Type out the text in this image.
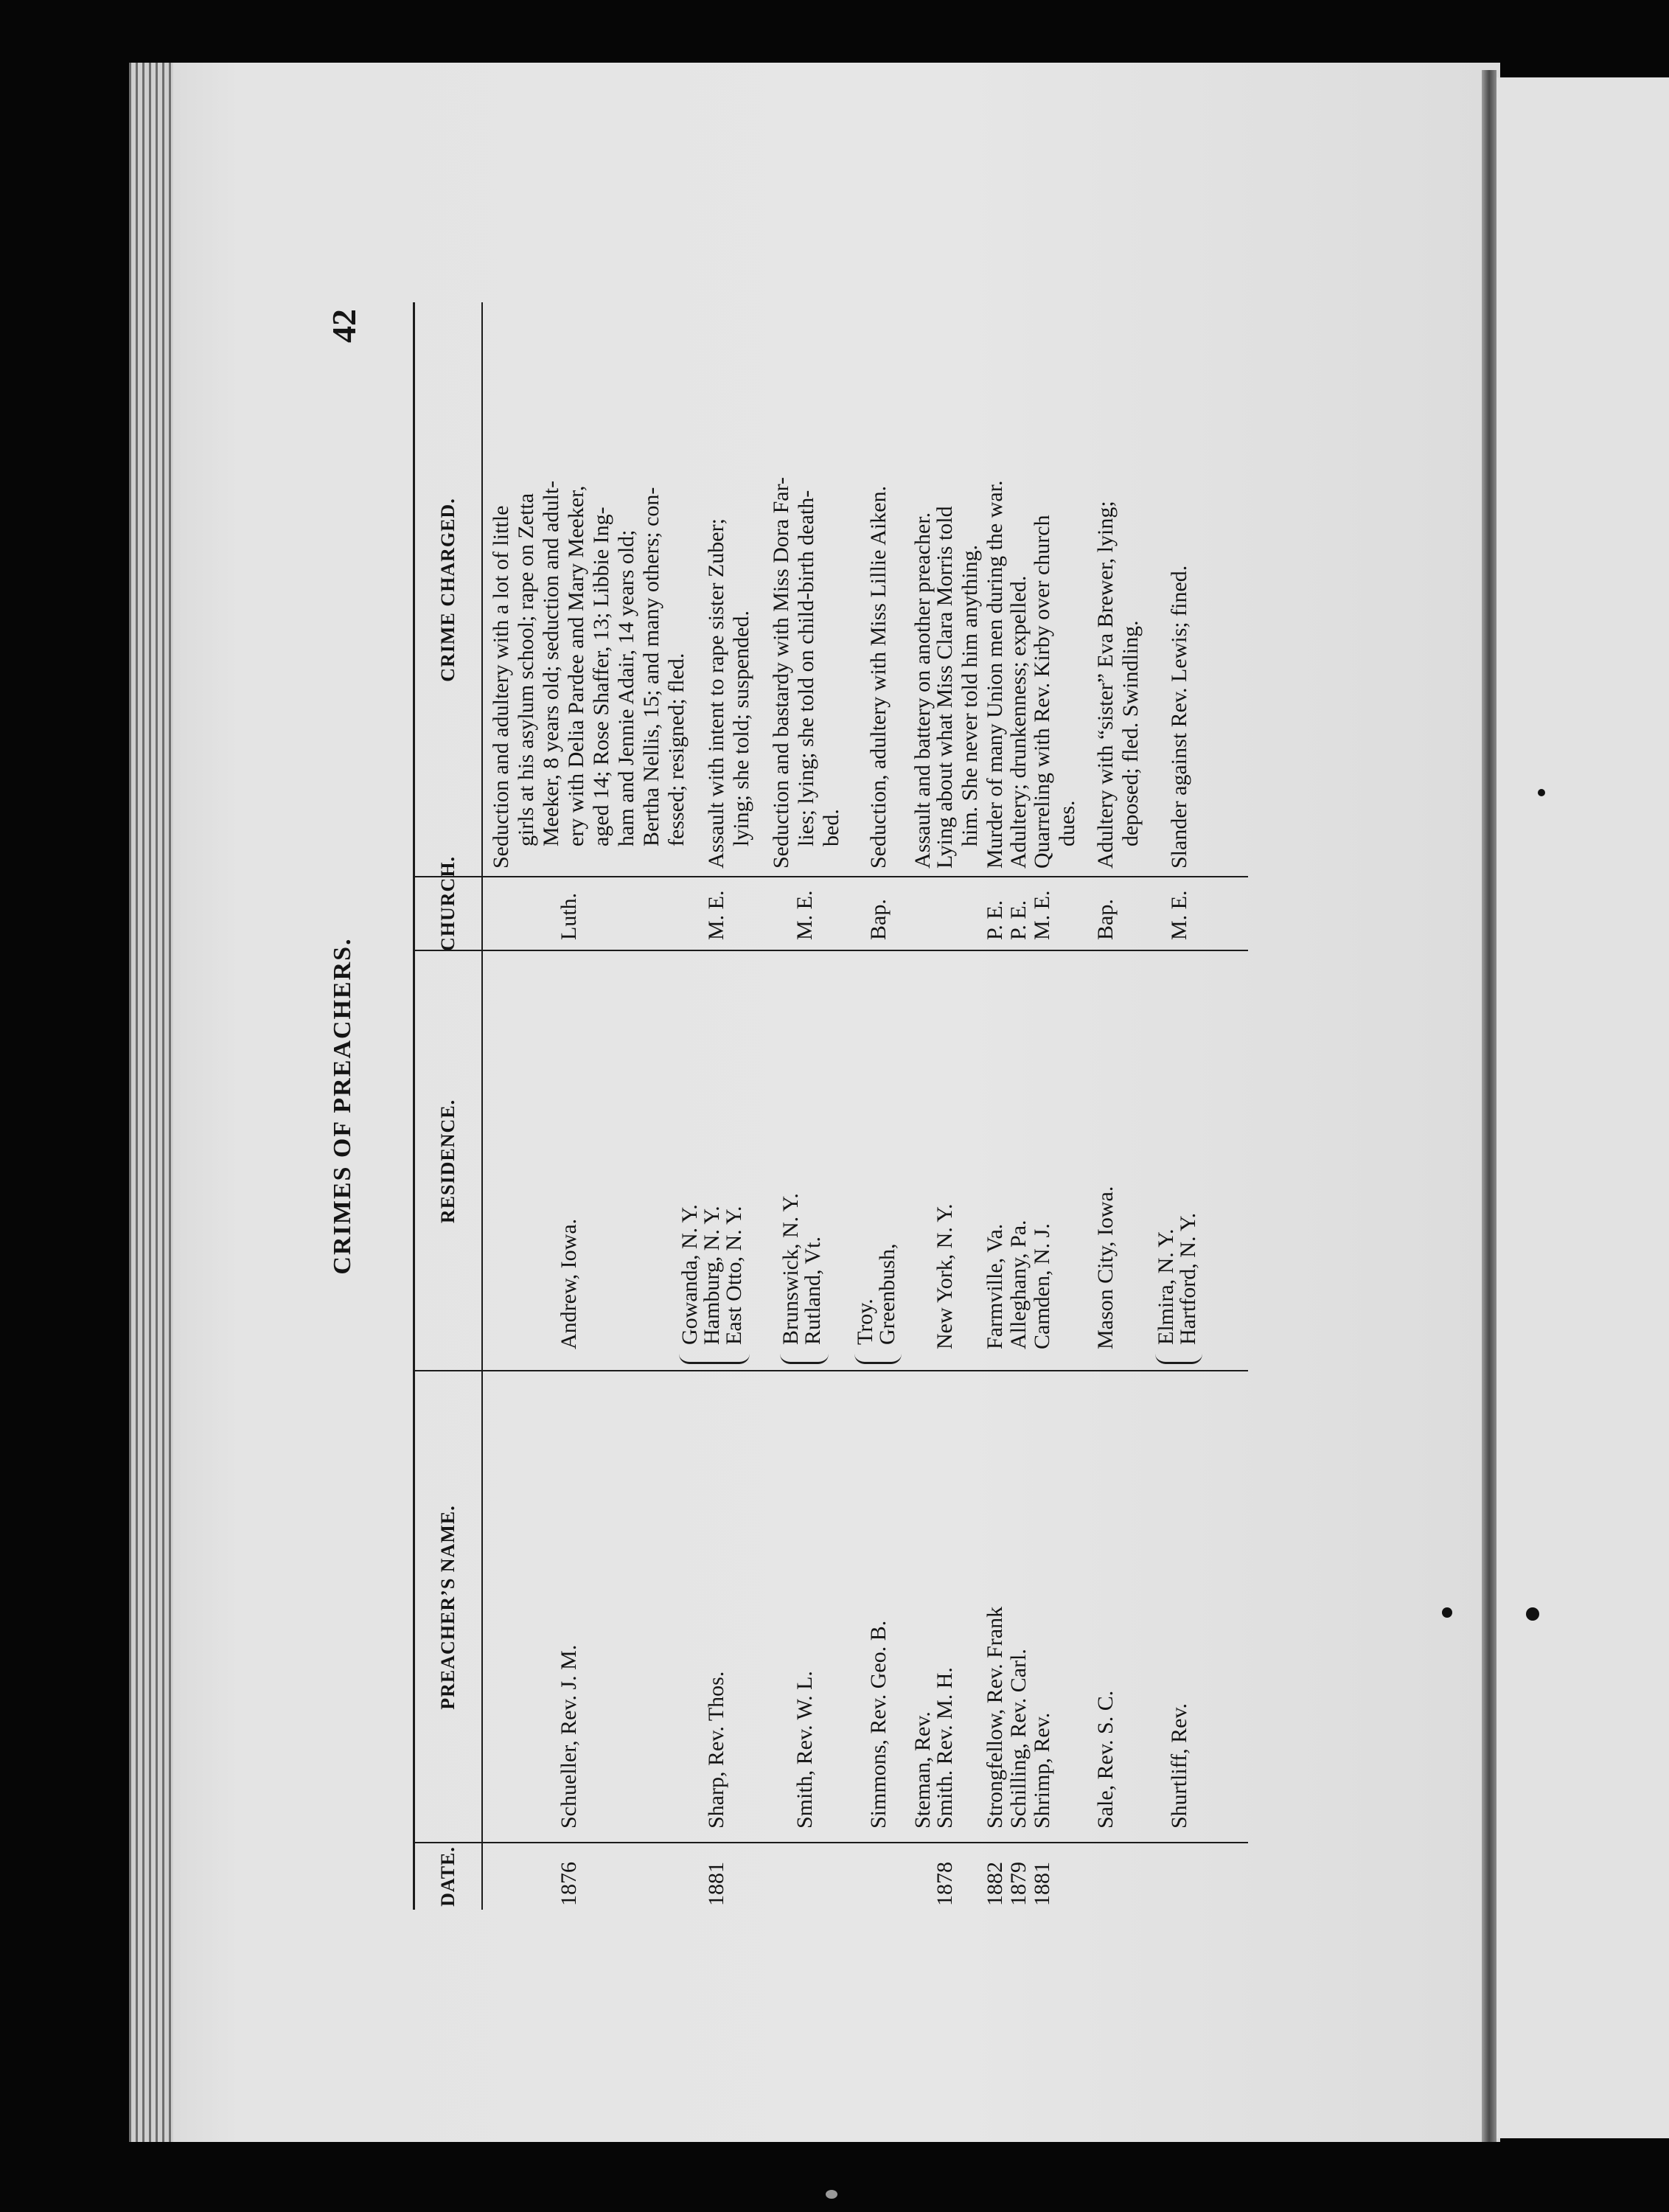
42
CRIMES OF PREACHERS.
DATE.
PREACHER’S NAME.
RESIDENCE.
CHURCH.
CRIME CHARGED.
1876
Schueller, Rev. J. M.
Andrew, Iowa.
Luth.
Seduction and adultery with a lot of little girls at his asylum school; rape on Zetta Meeker, 8 years old; seduction and adult- ery with Delia Pardee and Mary Meeker, aged 14; Rose Shaffer, 13; Libbie Ing- ham and Jennie Adair, 14 years old; Bertha Nellis, 15; and many others; con- fessed; resigned; fled.
1881
Sharp, Rev. Thos.
Gowanda, N. Y.
Hamburg, N. Y.
East Otto, N. Y.
M. E.
Assault with intent to rape sister Zuber; lying; she told; suspended.
Smith, Rev. W. L.
Brunswick, N. Y.
Rutland, Vt.
M. E.
Seduction and bastardy with Miss Dora Far- lies; lying; she told on child-birth death- bed.
Simmons, Rev. Geo. B.
Troy.
Greenbush,
Bap.
Seduction, adultery with Miss Lillie Aiken.
Steman, Rev.
Assault and battery on another preacher.
1878
Smith. Rev. M. H.
New York, N. Y.
Lying about what Miss Clara Morris told him. She never told him anything.
1882
Strongfellow, Rev. Frank
Farmville, Va.
P. E.
Murder of many Union men during the war.
1879
Schilling, Rev. Carl.
Alleghany, Pa.
P. E.
Adultery; drunkenness; expelled.
1881
Shrimp, Rev.
Camden, N. J.
M. E.
Quarreling with Rev. Kirby over church dues.
Sale, Rev. S. C.
Mason City, Iowa.
Bap.
Adultery with “sister” Eva Brewer, lying; deposed; fled. Swindling.
Shurtliff, Rev.
Elmira, N. Y.
Hartford, N. Y.
M. E.
Slander against Rev. Lewis; fined.
